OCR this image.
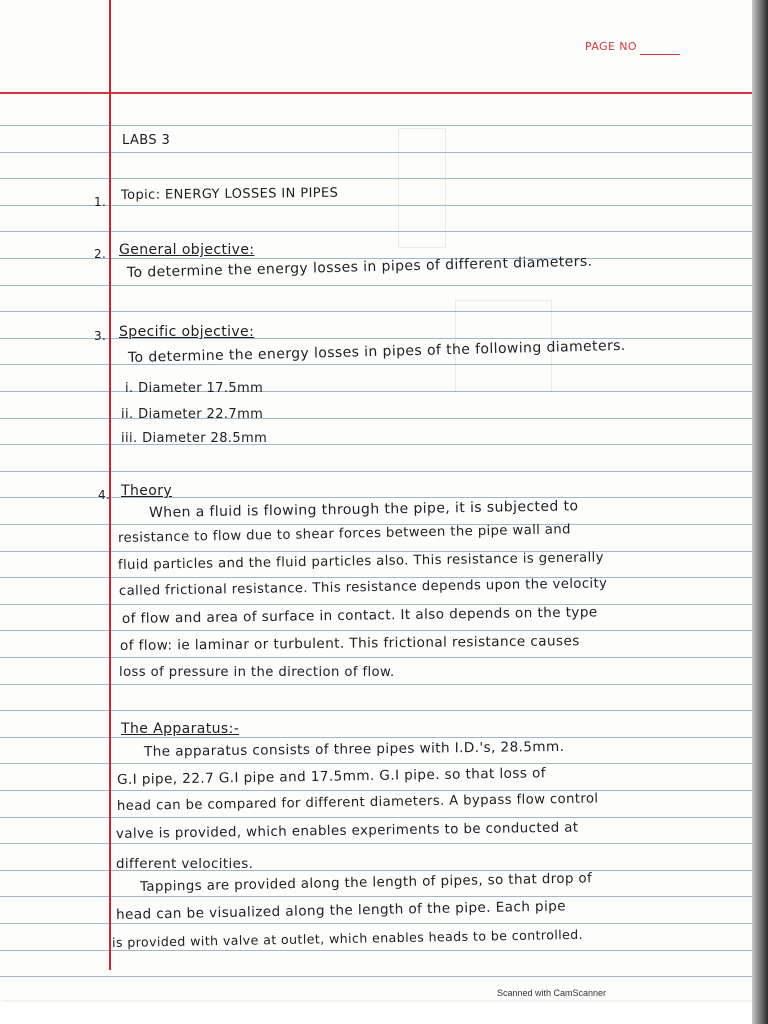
PAGE NO
LABS 3
1. Topic: ENERGY LOSSES IN PIPES
2. General objective:
To determine the energy losses in pipes of different diameters.
3. Specific objective:
To determine the energy losses in pipes of the following diameters.
i. Diameter 17.5mm
ii. Diameter 22.7mm
iii. Diameter 28.5mm
4. Theory
When a fluid is flowing through the pipe, it is subjected to
resistance to flow due to shear forces between the pipe wall and
fluid particles and the fluid particles also. This resistance is generally
called frictional resistance. This resistance depends upon the velocity
of flow and area of surface in contact. It also depends on the type
of flow: ie laminar or turbulent. This frictional resistance causes
loss of pressure in the direction of flow.
The Apparatus:-
The apparatus consists of three pipes with I.D.'s, 28.5mm.
G.I pipe, 22.7 G.I pipe and 17.5mm. G.I pipe. so that loss of
head can be compared for different diameters. A bypass flow control
valve is provided, which enables experiments to be conducted at
different velocities.
Tappings are provided along the length of pipes, so that drop of
head can be visualized along the length of the pipe. Each pipe
is provided with valve at outlet, which enables heads to be controlled.
Scanned with CamScanner
